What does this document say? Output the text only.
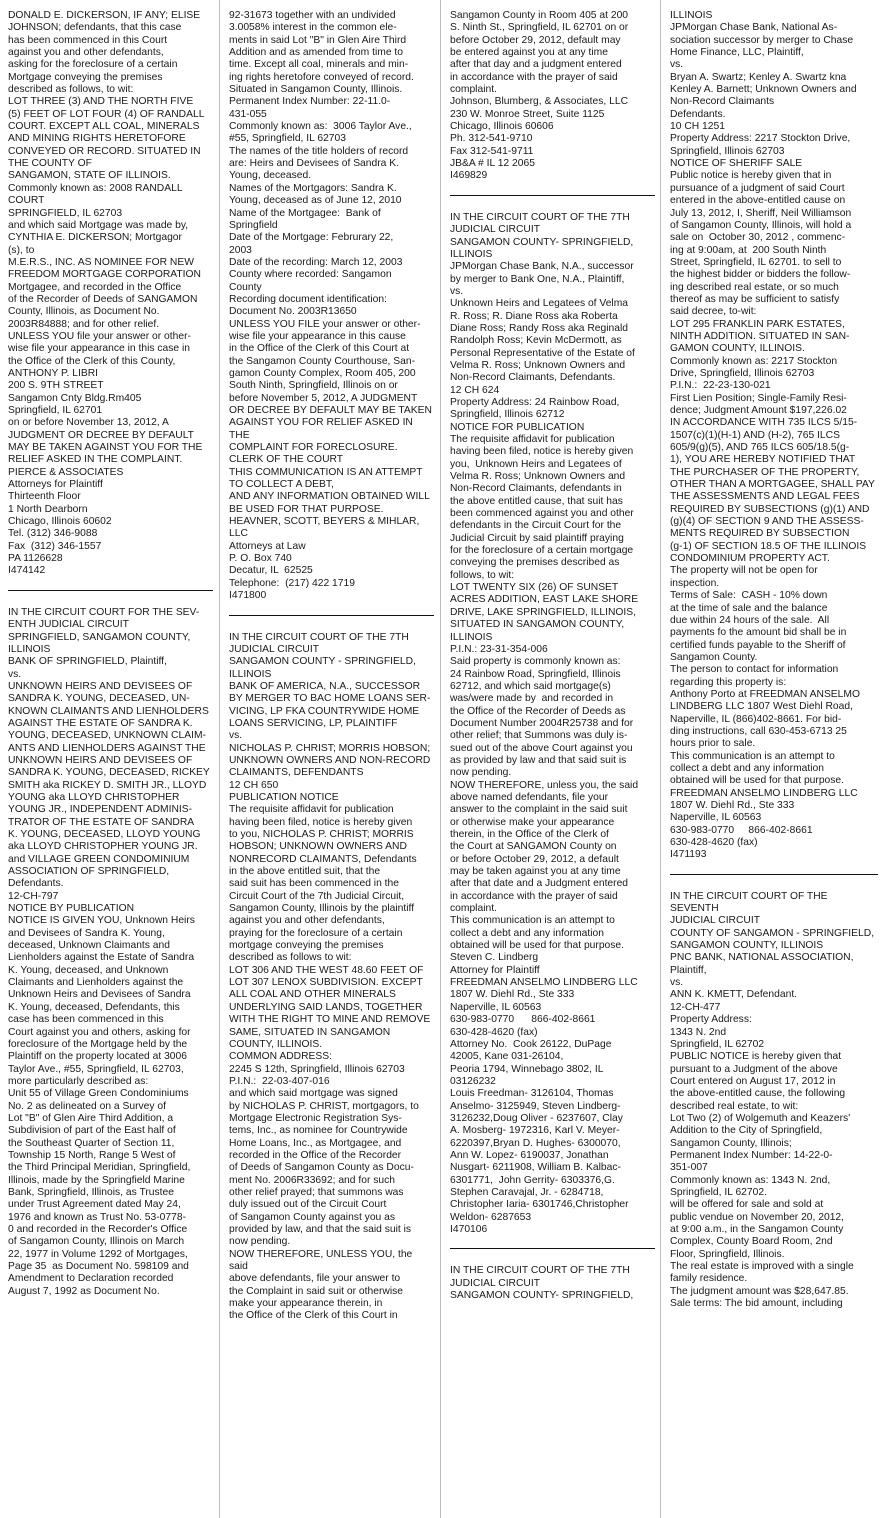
DONALD E. DICKERSON, IF ANY; ELISE

JOHNSON; defendants, that this case

has been commenced in this Court

against you and other defendants,

asking for the foreclosure of a certain

Mortgage conveying the premises

described as follows, to wit:

LOT THREE (3) AND THE NORTH FIVE

(5) FEET OF LOT FOUR (4) OF RANDALL

COURT. EXCEPT ALL COAL, MINERALS

AND MINING RIGHTS HERETOFORE

CONVEYED OR RECORD. SITUATED IN

THE COUNTY OF

SANGAMON, STATE OF ILLINOIS.

Commonly known as: 2008 RANDALL

COURT

SPRINGFIELD, IL 62703

and which said Mortgage was made by,

CYNTHIA E. DICKERSON; Mortgagor

(s), to

M.E.R.S., INC. AS NOMINEE FOR NEW

FREEDOM MORTGAGE CORPORATION

Mortgagee, and recorded in the Office

of the Recorder of Deeds of SANGAMON

County, Illinois, as Document No.

2003R84888; and for other relief.

UNLESS YOU file your answer or other-

wise file your appearance in this case in

the Office of the Clerk of this County,

ANTHONY P. LIBRI

200 S. 9TH STREET

Sangamon Cnty Bldg.Rm405

Springfield, IL 62701

on or before November 13, 2012, A

JUDGMENT OR DECREE BY DEFAULT

MAY BE TAKEN AGAINST YOU FOR THE

RELIEF ASKED IN THE COMPLAINT.

PIERCE & ASSOCIATES

Attorneys for Plaintiff

Thirteenth Floor

1 North Dearborn

Chicago, Illinois 60602

Tel. (312) 346-9088

Fax  (312) 346-1557

PA 1126628

I474142

IN THE CIRCUIT COURT FOR THE SEV-

ENTH JUDICIAL CIRCUIT

SPRINGFIELD, SANGAMON COUNTY,

ILLINOIS

BANK OF SPRINGFIELD, Plaintiff,

vs.

UNKNOWN HEIRS AND DEVISEES OF

SANDRA K. YOUNG, DECEASED, UN-

KNOWN CLAIMANTS AND LIENHOLDERS

AGAINST THE ESTATE OF SANDRA K.

YOUNG, DECEASED, UNKNOWN CLAIM-

ANTS AND LIENHOLDERS AGAINST THE

UNKNOWN HEIRS AND DEVISEES OF

SANDRA K. YOUNG, DECEASED, RICKEY

SMITH aka RICKEY D. SMITH JR., LLOYD

YOUNG aka LLOYD CHRISTOPHER

YOUNG JR., INDEPENDENT ADMINIS-

TRATOR OF THE ESTATE OF SANDRA

K. YOUNG, DECEASED, LLOYD YOUNG

aka LLOYD CHRISTOPHER YOUNG JR.

and VILLAGE GREEN CONDOMINIUM

ASSOCIATION OF SPRINGFIELD,

Defendants.

12-CH-797

NOTICE BY PUBLICATION

NOTICE IS GIVEN YOU, Unknown Heirs

and Devisees of Sandra K. Young,

deceased, Unknown Claimants and

Lienholders against the Estate of Sandra

K. Young, deceased, and Unknown

Claimants and Lienholders against the

Unknown Heirs and Devisees of Sandra

K. Young, deceased, Defendants, this

case has been commenced in this

Court against you and others, asking for

foreclosure of the Mortgage held by the

Plaintiff on the property located at 3006

Taylor Ave., #55, Springfield, IL 62703,

more particularly described as:

Unit 55 of Village Green Condominiums

No. 2 as delineated on a Survey of

Lot "B" of Glen Aire Third Addition, a

Subdivision of part of the East half of

the Southeast Quarter of Section 11,

Township 15 North, Range 5 West of

the Third Principal Meridian, Springfield,

Illinois, made by the Springfield Marine

Bank, Springfield, Illinois, as Trustee

under Trust Agreement dated May 24,

1976 and known as Trust No. 53-0778-

0 and recorded in the Recorder's Office

of Sangamon County, Illinois on March

22, 1977 in Volume 1292 of Mortgages,

Page 35  as Document No. 598109 and

Amendment to Declaration recorded

August 7, 1992 as Document No.

92-31673 together with an undivided

3.0058% interest in the common ele-

ments in said Lot "B" in Glen Aire Third

Addition and as amended from time to

time. Except all coal, minerals and min-

ing rights heretofore conveyed of record.

Situated in Sangamon County, Illinois.

Permanent Index Number: 22-11.0-

431-055

Commonly known as:  3006 Taylor Ave.,

#55, Springfield, IL 62703

The names of the title holders of record

are: Heirs and Devisees of Sandra K.

Young, deceased.

Names of the Mortgagors: Sandra K.

Young, deceased as of June 12, 2010

Name of the Mortgagee:  Bank of

Springfield

Date of the Mortgage: Februrary 22,

2003

Date of the recording: March 12, 2003

County where recorded: Sangamon

County

Recording document identification:

Document No. 2003R13650

UNLESS YOU FILE your answer or other-

wise file your appearance in this cause

in the Office of the Clerk of this Court at

the Sangamon County Courthouse, San-

gamon County Complex, Room 405, 200

South Ninth, Springfield, Illinois on or

before November 5, 2012, A JUDGMENT

OR DECREE BY DEFAULT MAY BE TAKEN

AGAINST YOU FOR RELIEF ASKED IN THE

COMPLAINT FOR FORECLOSURE.

CLERK OF THE COURT

THIS COMMUNICATION IS AN ATTEMPT

TO COLLECT A DEBT,

AND ANY INFORMATION OBTAINED WILL

BE USED FOR THAT PURPOSE.

HEAVNER, SCOTT, BEYERS & MIHLAR,

LLC

Attorneys at Law

P. O. Box 740

Decatur, IL  62525

Telephone:  (217) 422 1719

I471800

IN THE CIRCUIT COURT OF THE 7TH

JUDICIAL CIRCUIT

SANGAMON COUNTY - SPRINGFIELD,

ILLINOIS

BANK OF AMERICA, N.A., SUCCESSOR

BY MERGER TO BAC HOME LOANS SER-

VICING, LP FKA COUNTRYWIDE HOME

LOANS SERVICING, LP, PLAINTIFF

vs.

NICHOLAS P. CHRIST; MORRIS HOBSON;

UNKNOWN OWNERS AND NON-RECORD

CLAIMANTS, DEFENDANTS

12 CH 650

PUBLICATION NOTICE

The requisite affidavit for publication

having been filed, notice is hereby given

to you, NICHOLAS P. CHRIST; MORRIS

HOBSON; UNKNOWN OWNERS AND

NONRECORD CLAIMANTS, Defendants

in the above entitled suit, that the

said suit has been commenced in the

Circuit Court of the 7th Judicial Circuit,

Sangamon County, Illinois by the plaintiff

against you and other defendants,

praying for the foreclosure of a certain

mortgage conveying the premises

described as follows to wit:

LOT 306 AND THE WEST 48.60 FEET OF

LOT 307 LENOX SUBDIVISION. EXCEPT

ALL COAL AND OTHER MINERALS

UNDERLYING SAID LANDS, TOGETHER

WITH THE RIGHT TO MINE AND REMOVE

SAME, SITUATED IN SANGAMON

COUNTY, ILLINOIS.

COMMON ADDRESS:

2245 S 12th, Springfield, Illinois 62703

P.I.N.:  22-03-407-016

and which said mortgage was signed

by NICHOLAS P. CHRIST, mortgagors, to

Mortgage Electronic Registration Sys-

tems, Inc., as nominee for Countrywide

Home Loans, Inc., as Mortgagee, and

recorded in the Office of the Recorder

of Deeds of Sangamon County as Docu-

ment No. 2006R33692; and for such

other relief prayed; that summons was

duly issued out of the Circuit Court

of Sangamon County against you as

provided by law, and that the said suit is

now pending.

NOW THEREFORE, UNLESS YOU, the said

above defendants, file your answer to

the Complaint in said suit or otherwise

make your appearance therein, in

the Office of the Clerk of this Court in

Sangamon County in Room 405 at 200

S. Ninth St., Springfield, IL 62701 on or

before October 29, 2012, default may

be entered against you at any time

after that day and a judgment entered

in accordance with the prayer of said

complaint.

Johnson, Blumberg, & Associates, LLC

230 W. Monroe Street, Suite 1125

Chicago, Illinois 60606

Ph. 312-541-9710

Fax 312-541-9711

JB&A # IL 12 2065

I469829

IN THE CIRCUIT COURT OF THE 7TH

JUDICIAL CIRCUIT

SANGAMON COUNTY- SPRINGFIELD,

ILLINOIS

JPMorgan Chase Bank, N.A., successor

by merger to Bank One, N.A., Plaintiff,

vs.

Unknown Heirs and Legatees of Velma

R. Ross; R. Diane Ross aka Roberta

Diane Ross; Randy Ross aka Reginald

Randolph Ross; Kevin McDermott, as

Personal Representative of the Estate of

Velma R. Ross; Unknown Owners and

Non-Record Claimants, Defendants.

12 CH 624

Property Address: 24 Rainbow Road,

Springfield, Illinois 62712

NOTICE FOR PUBLICATION

The requisite affidavit for publication

having been filed, notice is hereby given

you,  Unknown Heirs and Legatees of

Velma R. Ross; Unknown Owners and

Non-Record Claimants, defendants in

the above entitled cause, that suit has

been commenced against you and other

defendants in the Circuit Court for the

Judicial Circuit by said plaintiff praying

for the foreclosure of a certain mortgage

conveying the premises described as

follows, to wit:

LOT TWENTY SIX (26) OF SUNSET

ACRES ADDITION, EAST LAKE SHORE

DRIVE, LAKE SPRINGFIELD, ILLINOIS,

SITUATED IN SANGAMON COUNTY,

ILLINOIS

P.I.N.: 23-31-354-006

Said property is commonly known as:

24 Rainbow Road, Springfield, Illinois

62712, and which said mortgage(s)

was/were made by  and recorded in

the Office of the Recorder of Deeds as

Document Number 2004R25738 and for

other relief; that Summons was duly is-

sued out of the above Court against you

as provided by law and that said suit is

now pending.

NOW THEREFORE, unless you, the said

above named defendants, file your

answer to the complaint in the said suit

or otherwise make your appearance

therein, in the Office of the Clerk of

the Court at SANGAMON County on

or before October 29, 2012, a default

may be taken against you at any time

after that date and a Judgment entered

in accordance with the prayer of said

complaint.

This communication is an attempt to

collect a debt and any information

obtained will be used for that purpose.

Steven C. Lindberg

Attorney for Plaintiff

FREEDMAN ANSELMO LINDBERG LLC

1807 W. Diehl Rd., Ste 333

Naperville, IL 60563

630-983-0770      866-402-8661

630-428-4620 (fax)

Attorney No.  Cook 26122, DuPage

42005, Kane 031-26104,

Peoria 1794, Winnebago 3802, IL

03126232

Louis Freedman- 3126104, Thomas

Anselmo- 3125949, Steven Lindberg-

3126232,Doug Oliver - 6237607, Clay

A. Mosberg- 1972316, Karl V. Meyer-

6220397,Bryan D. Hughes- 6300070,

Ann W. Lopez- 6190037, Jonathan

Nusgart- 6211908, William B. Kalbac-

6301771,  John Gerrity- 6303376,G.

Stephen Caravajal, Jr. - 6284718,

Christopher Iaria- 6301746,Christopher

Weldon- 6287653

I470106

IN THE CIRCUIT COURT OF THE 7TH

JUDICIAL CIRCUIT

SANGAMON COUNTY- SPRINGFIELD,

ILLINOIS

JPMorgan Chase Bank, National As-

sociation successor by merger to Chase

Home Finance, LLC, Plaintiff,

vs.

Bryan A. Swartz; Kenley A. Swartz kna

Kenley A. Barnett; Unknown Owners and

Non-Record Claimants

Defendants.

10 CH 1251

Property Address: 2217 Stockton Drive,

Springfield, Illinois 62703

NOTICE OF SHERIFF SALE

Public notice is hereby given that in

pursuance of a judgment of said Court

entered in the above-entitled cause on

July 13, 2012, I, Sheriff, Neil Williamson

of Sangamon County, Illinois, will hold a

sale on  October 30, 2012 , commenc-

ing at 9:00am, at  200 South Ninth

Street, Springfield, IL 62701. to sell to

the highest bidder or bidders the follow-

ing described real estate, or so much

thereof as may be sufficient to satisfy

said decree, to-wit:

LOT 295 FRANKLIN PARK ESTATES,

NINTH ADDITION. SITUATED IN SAN-

GAMON COUNTY, ILLINOIS.

Commonly known as: 2217 Stockton

Drive, Springfield, Illinois 62703

P.I.N.:  22-23-130-021

First Lien Position; Single-Family Resi-

dence; Judgment Amount $197,226.02

IN ACCORDANCE WITH 735 ILCS 5/15-

1507(c)(1)(H-1) AND (H-2), 765 ILCS

605/9(g)(5), AND 765 ILCS 605/18.5(g-

1), YOU ARE HEREBY NOTIFIED THAT

THE PURCHASER OF THE PROPERTY,

OTHER THAN A MORTGAGEE, SHALL PAY

THE ASSESSMENTS AND LEGAL FEES

REQUIRED BY SUBSECTIONS (g)(1) AND

(g)(4) OF SECTION 9 AND THE ASSESS-

MENTS REQUIRED BY SUBSECTION

(g-1) OF SECTION 18.5 OF THE ILLINOIS

CONDOMINIUM PROPERTY ACT.

The property will not be open for

inspection.

Terms of Sale:  CASH - 10% down

at the time of sale and the balance

due within 24 hours of the sale.  All

payments fo the amount bid shall be in

certified funds payable to the Sheriff of

Sangamon County.

The person to contact for information

regarding this property is:

Anthony Porto at FREEDMAN ANSELMO

LINDBERG LLC 1807 West Diehl Road,

Naperville, IL (866)402-8661. For bid-

ding instructions, call 630-453-6713 25

hours prior to sale.

This communication is an attempt to

collect a debt and any information

obtained will be used for that purpose.

FREEDMAN ANSELMO LINDBERG LLC

1807 W. Diehl Rd., Ste 333

Naperville, IL 60563

630-983-0770     866-402-8661

630-428-4620 (fax)

I471193

IN THE CIRCUIT COURT OF THE SEVENTH

JUDICIAL CIRCUIT

COUNTY OF SANGAMON - SPRINGFIELD,

SANGAMON COUNTY, ILLINOIS

PNC BANK, NATIONAL ASSOCIATION,

Plaintiff,

vs.

ANN K. KMETT, Defendant.

12-CH-477

Property Address:

1343 N. 2nd

Springfield, IL 62702

PUBLIC NOTICE is hereby given that

pursuant to a Judgment of the above

Court entered on August 17, 2012 in

the above-entitled cause, the following

described real estate, to wit:

Lot Two (2) of Wolgemuth and Keazers'

Addition to the City of Springfield,

Sangamon County, Illinois;

Permanent Index Number: 14-22-0-

351-007

Commonly known as: 1343 N. 2nd,

Springfield, IL 62702.

will be offered for sale and sold at

public vendue on November 20, 2012,

at 9:00 a.m., in the Sangamon County

Complex, County Board Room, 2nd

Floor, Springfield, Illinois.

The real estate is improved with a single

family residence.

The judgment amount was $28,647.85.

Sale terms: The bid amount, including
